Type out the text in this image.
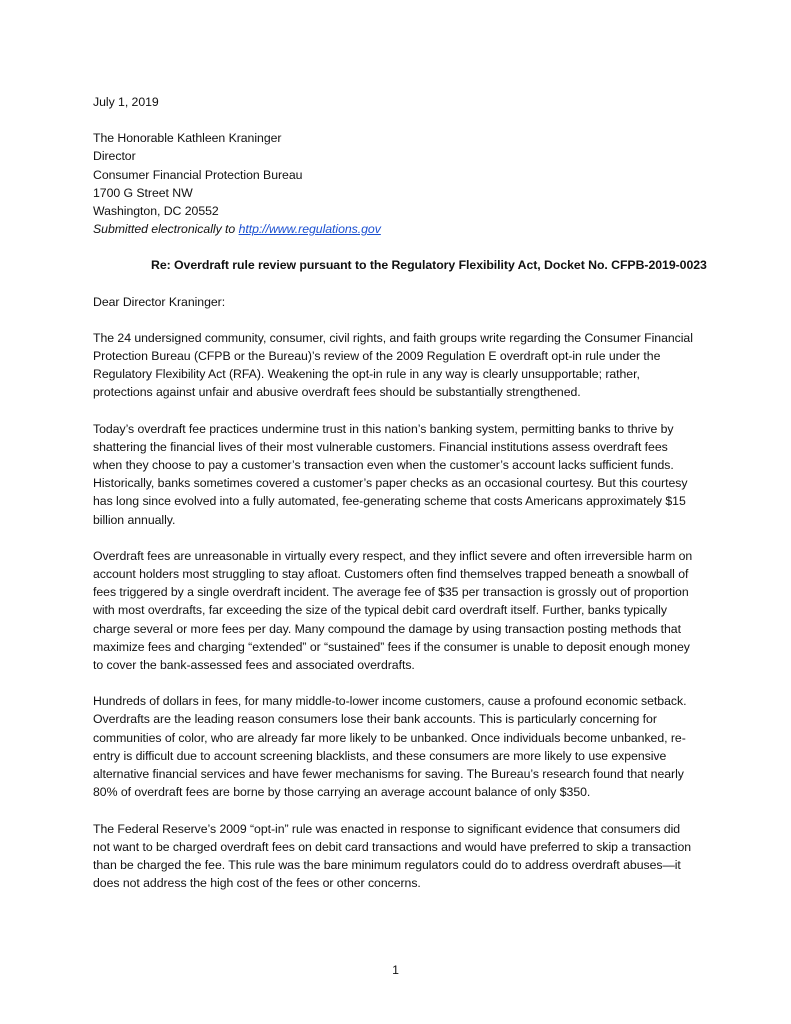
July 1, 2019
The Honorable Kathleen Kraninger
Director
Consumer Financial Protection Bureau
1700 G Street NW
Washington, DC 20552
Submitted electronically to http://www.regulations.gov
Re: Overdraft rule review pursuant to the Regulatory Flexibility Act, Docket No. CFPB-2019-0023
Dear Director Kraninger:

The 24 undersigned community, consumer, civil rights, and faith groups write regarding the Consumer Financial Protection Bureau (CFPB or the Bureau)’s review of the 2009 Regulation E overdraft opt-in rule under the Regulatory Flexibility Act (RFA). Weakening the opt-in rule in any way is clearly unsupportable; rather, protections against unfair and abusive overdraft fees should be substantially strengthened.

Today’s overdraft fee practices undermine trust in this nation’s banking system, permitting banks to thrive by shattering the financial lives of their most vulnerable customers. Financial institutions assess overdraft fees when they choose to pay a customer’s transaction even when the customer’s account lacks sufficient funds. Historically, banks sometimes covered a customer’s paper checks as an occasional courtesy. But this courtesy has long since evolved into a fully automated, fee-generating scheme that costs Americans approximately $15 billion annually.

Overdraft fees are unreasonable in virtually every respect, and they inflict severe and often irreversible harm on account holders most struggling to stay afloat. Customers often find themselves trapped beneath a snowball of fees triggered by a single overdraft incident. The average fee of $35 per transaction is grossly out of proportion with most overdrafts, far exceeding the size of the typical debit card overdraft itself. Further, banks typically charge several or more fees per day. Many compound the damage by using transaction posting methods that maximize fees and charging “extended” or “sustained” fees if the consumer is unable to deposit enough money to cover the bank-assessed fees and associated overdrafts.

Hundreds of dollars in fees, for many middle-to-lower income customers, cause a profound economic setback. Overdrafts are the leading reason consumers lose their bank accounts. This is particularly concerning for communities of color, who are already far more likely to be unbanked. Once individuals become unbanked, re-entry is difficult due to account screening blacklists, and these consumers are more likely to use expensive alternative financial services and have fewer mechanisms for saving. The Bureau’s research found that nearly 80% of overdraft fees are borne by those carrying an average account balance of only $350.

The Federal Reserve’s 2009 “opt-in” rule was enacted in response to significant evidence that consumers did not want to be charged overdraft fees on debit card transactions and would have preferred to skip a transaction than be charged the fee. This rule was the bare minimum regulators could do to address overdraft abuses—it does not address the high cost of the fees or other concerns.

1
